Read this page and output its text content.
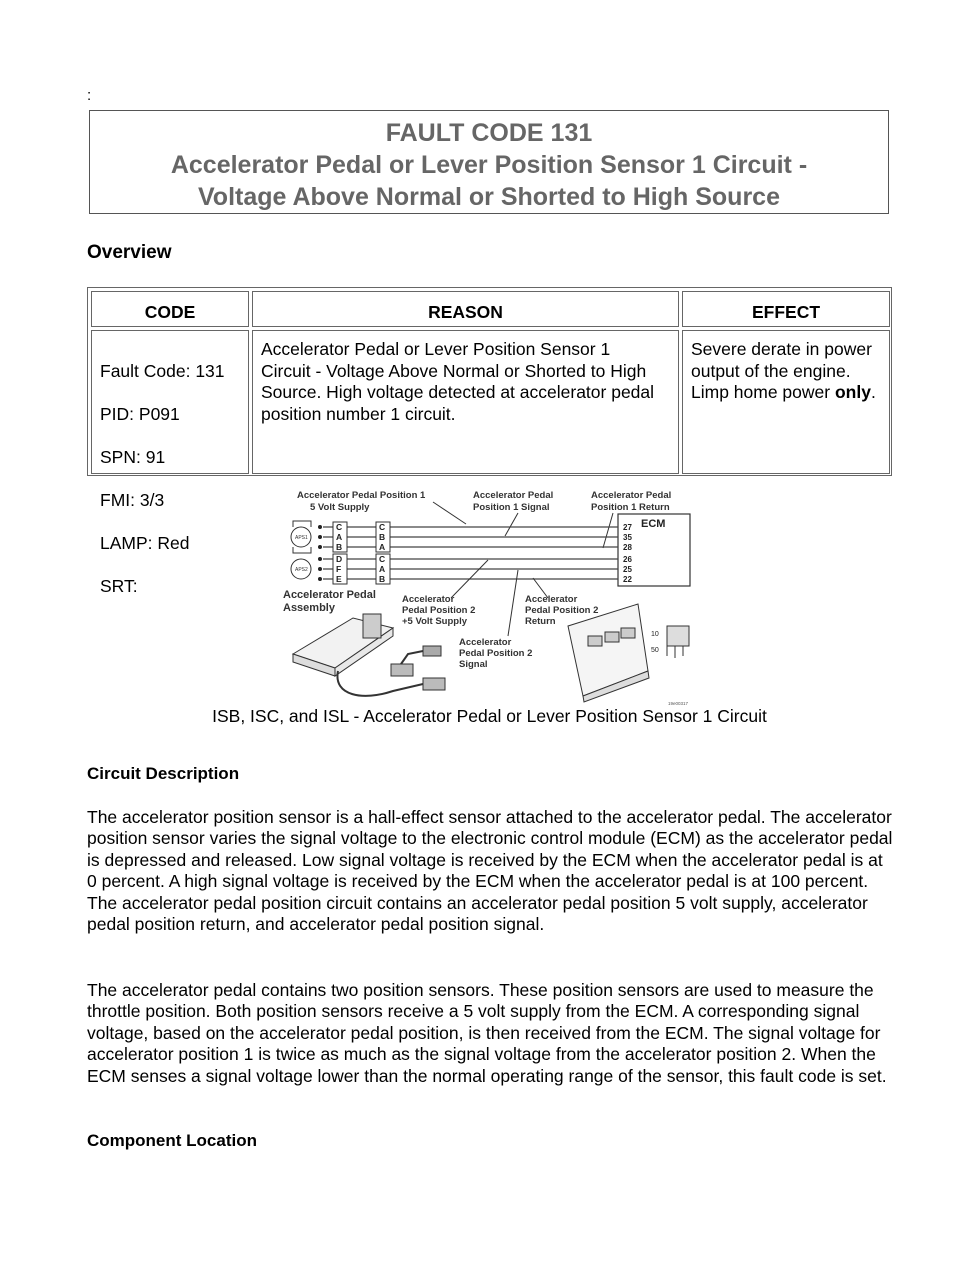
:
FAULT CODE 131
Accelerator Pedal or Lever Position Sensor 1 Circuit -
Voltage Above Normal or Shorted to High Source
Overview
CODE	REASON	EFFECT

Fault Code: 131

PID: P091

SPN: 91

FMI: 3/3

LAMP: Red

SRT:

Accelerator Pedal or Lever Position Sensor 1 Circuit - Voltage Above Normal or Shorted to High Source. High voltage detected at accelerator pedal position number 1 circuit.
Severe derate in power output of the engine. Limp home power only.
Accelerator Pedal Position 1
5 Volt Supply
Accelerator Pedal
Position 1 Signal
Accelerator Pedal
Position 1 Return
ECM
APS1
APS2
C
A
B
D
F
E
C
B
A
C
A
B
27
35
28
26
25
22
Accelerator Pedal
Assembly
Accelerator
Pedal Position 2
+5 Volt Supply
Accelerator
Pedal Position 2
Return
Accelerator
Pedal Position 2
Signal
10
50
19e00317
ISB, ISC, and ISL - Accelerator Pedal or Lever Position Sensor 1 Circuit
Circuit Description
The accelerator position sensor is a hall-effect sensor attached to the accelerator pedal. The accelerator position sensor varies the signal voltage to the electronic control module (ECM) as the accelerator pedal is depressed and released. Low signal voltage is received by the ECM when the accelerator pedal is at 0 percent. A high signal voltage is received by the ECM when the accelerator pedal is at 100 percent. The accelerator pedal position circuit contains an accelerator pedal position 5 volt supply, accelerator pedal position return, and accelerator pedal position signal.
The accelerator pedal contains two position sensors. These position sensors are used to measure the throttle position. Both position sensors receive a 5 volt supply from the ECM. A corresponding signal voltage, based on the accelerator pedal position, is then received from the ECM. The signal voltage for accelerator position 1 is twice as much as the signal voltage from the accelerator position 2. When the ECM senses a signal voltage lower than the normal operating range of the sensor, this fault code is set.
Component Location
